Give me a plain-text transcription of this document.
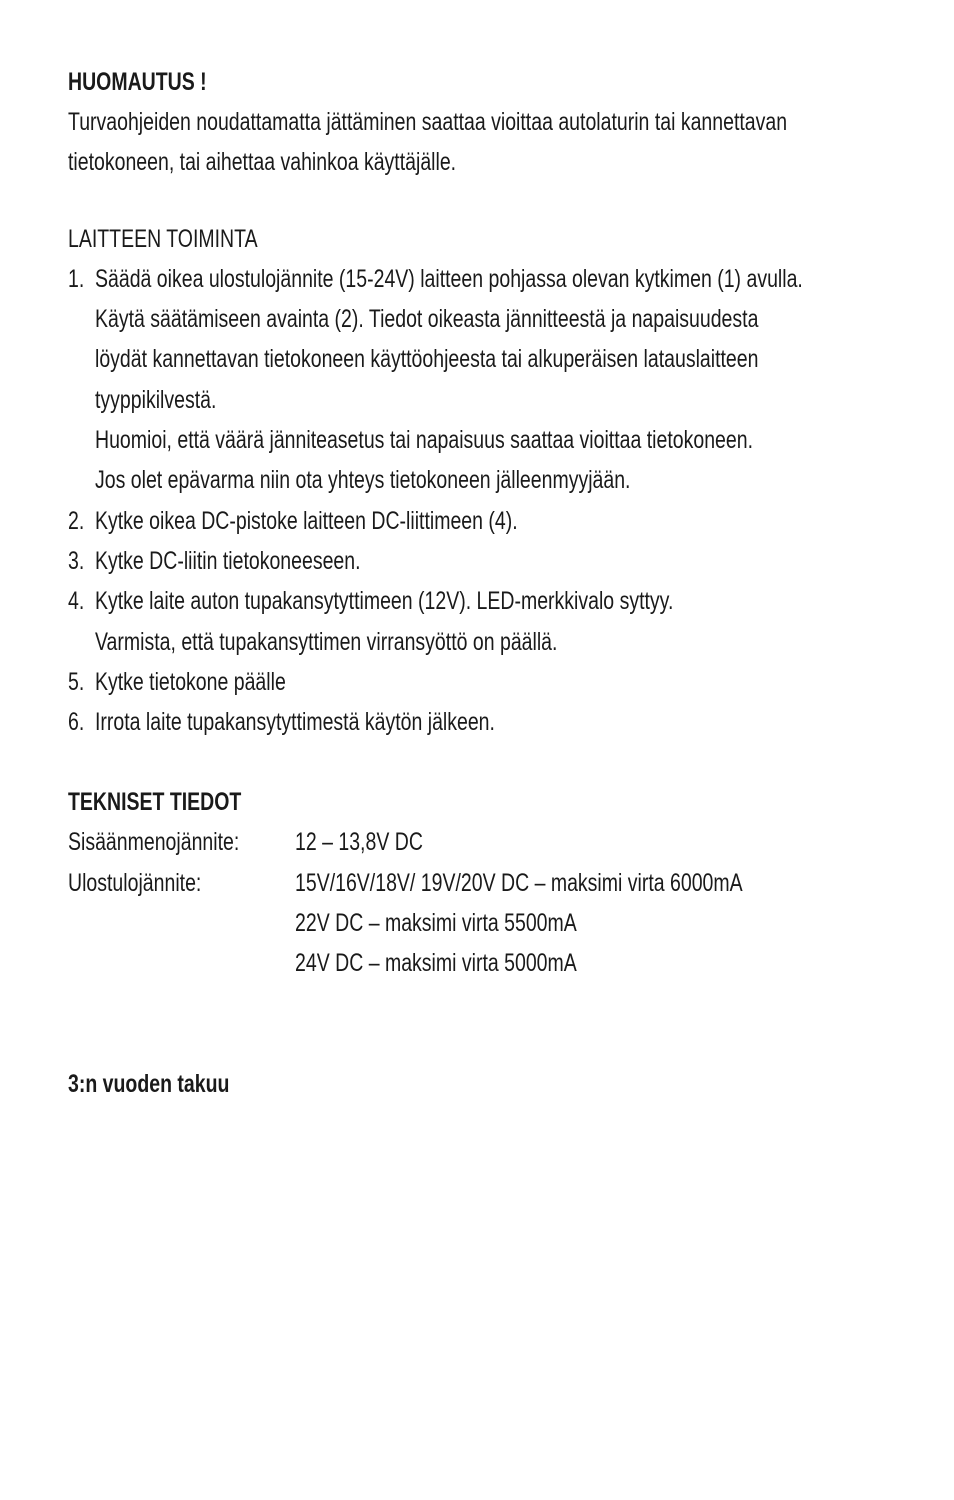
HUOMAUTUS !
Turvaohjeiden noudattamatta jättäminen saattaa vioittaa autolaturin tai kannettavan
tietokoneen, tai aihettaa vahinkoa käyttäjälle.
LAITTEEN TOIMINTA
1. Säädä oikea ulostulojännite (15-24V) laitteen pohjassa olevan kytkimen (1) avulla.
Käytä säätämiseen avainta (2). Tiedot oikeasta jännitteestä ja napaisuudesta
löydät kannettavan tietokoneen käyttöohjeesta tai alkuperäisen latauslaitteen
tyyppikilvestä.
Huomioi, että väärä jänniteasetus tai napaisuus saattaa vioittaa tietokoneen.
Jos olet epävarma niin ota yhteys tietokoneen jälleenmyyjään.
2. Kytke oikea DC-pistoke laitteen DC-liittimeen (4).
3. Kytke DC-liitin tietokoneeseen.
4. Kytke laite auton tupakansytyttimeen (12V). LED-merkkivalo syttyy.
Varmista, että tupakansyttimen virransyöttö on päällä.
5. Kytke tietokone päälle
6. Irrota laite tupakansytyttimestä käytön jälkeen.
TEKNISET TIEDOT
Sisäänmenojännite: 12 – 13,8V DC
Ulostulojännite:	15V/16V/18V/ 19V/20V DC – maksimi virta 6000mA
22V DC – maksimi virta 5500mA
24V DC – maksimi virta 5000mA
3:n vuoden takuu
